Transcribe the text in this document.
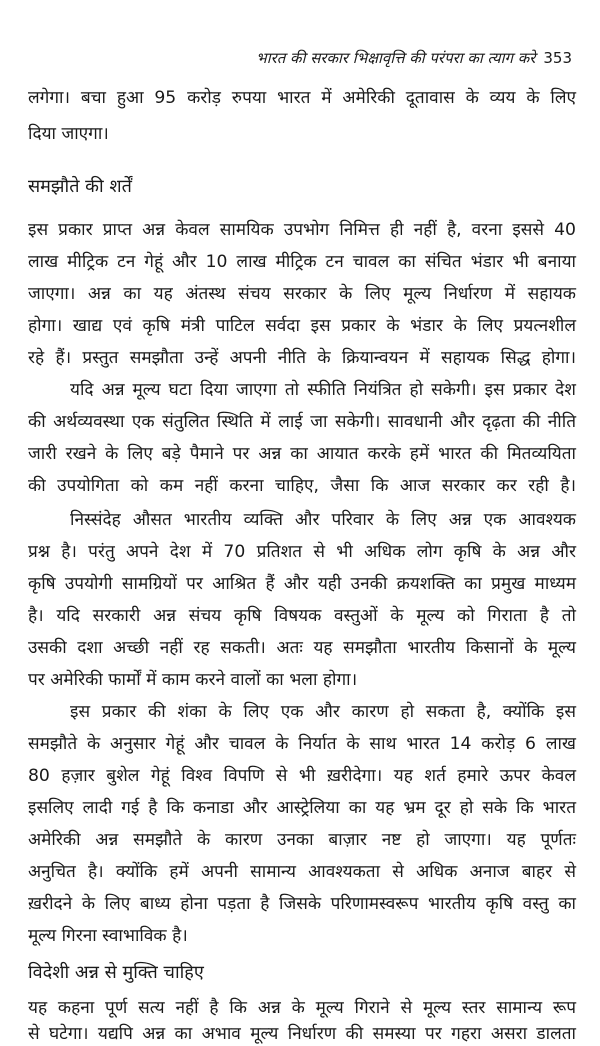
भारत की सरकार भिक्षावृत्ति की परंपरा का त्याग करे 353
लगेगा। बचा हुआ 95 करोड़ रुपया भारत में अमेरिकी दूतावास के व्यय के लिए
दिया जाएगा।
समझौते की शर्तें
इस प्रकार प्राप्त अन्न केवल सामयिक उपभोग निमित्त ही नहीं है, वरना इससे 40
लाख मीट्रिक टन गेहूं और 10 लाख मीट्रिक टन चावल का संचित भंडार भी बनाया
जाएगा। अन्न का यह अंतस्थ संचय सरकार के लिए मूल्य निर्धारण में सहायक
होगा। खाद्य एवं कृषि मंत्री पाटिल सर्वदा इस प्रकार के भंडार के लिए प्रयत्नशील
रहे हैं। प्रस्तुत समझौता उन्हें अपनी नीति के क्रियान्वयन में सहायक सिद्ध होगा।
यदि अन्न मूल्य घटा दिया जाएगा तो स्फीति नियंत्रित हो सकेगी। इस प्रकार देश
की अर्थव्यवस्था एक संतुलित स्थिति में लाई जा सकेगी। सावधानी और दृढ़ता की नीति
जारी रखने के लिए बड़े पैमाने पर अन्न का आयात करके हमें भारत की मितव्ययिता
की उपयोगिता को कम नहीं करना चाहिए, जैसा कि आज सरकार कर रही है।
निस्संदेह औसत भारतीय व्यक्ति और परिवार के लिए अन्न एक आवश्यक
प्रश्न है। परंतु अपने देश में 70 प्रतिशत से भी अधिक लोग कृषि के अन्न और
कृषि उपयोगी सामग्रियों पर आश्रित हैं और यही उनकी क्रयशक्ति का प्रमुख माध्यम
है। यदि सरकारी अन्न संचय कृषि विषयक वस्तुओं के मूल्य को गिराता है तो
उसकी दशा अच्छी नहीं रह सकती। अतः यह समझौता भारतीय किसानों के मूल्य
पर अमेरिकी फार्मों में काम करने वालों का भला होगा।
इस प्रकार की शंका के लिए एक और कारण हो सकता है, क्योंकि इस
समझौते के अनुसार गेहूं और चावल के निर्यात के साथ भारत 14 करोड़ 6 लाख
80 हज़ार बुशेल गेहूं विश्व विपणि से भी ख़रीदेगा। यह शर्त हमारे ऊपर केवल
इसलिए लादी गई है कि कनाडा और आस्ट्रेलिया का यह भ्रम दूर हो सके कि भारत
अमेरिकी अन्न समझौते के कारण उनका बाज़ार नष्ट हो जाएगा। यह पूर्णतः
अनुचित है। क्योंकि हमें अपनी सामान्य आवश्यकता से अधिक अनाज बाहर से
ख़रीदने के लिए बाध्य होना पड़ता है जिसके परिणामस्वरूप भारतीय कृषि वस्तु का
मूल्य गिरना स्वाभाविक है।
विदेशी अन्न से मुक्ति चाहिए
यह कहना पूर्ण सत्य नहीं है कि अन्न के मूल्य गिराने से मूल्य स्तर सामान्य रूप
से घटेगा। यद्यपि अन्न का अभाव मूल्य निर्धारण की समस्या पर गहरा असरा डालता
